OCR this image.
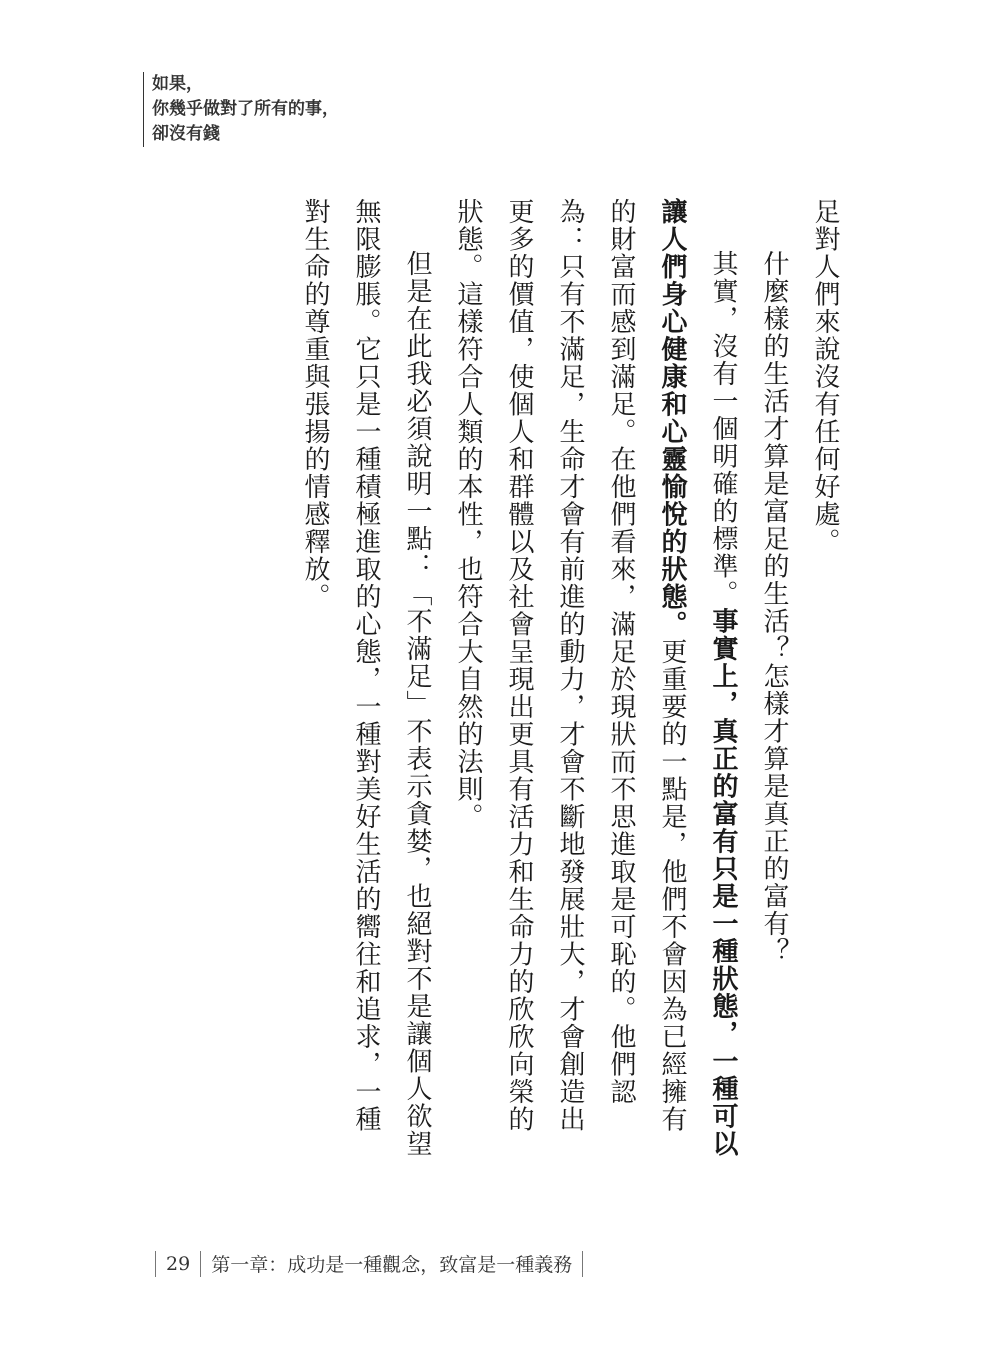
如果，
你幾乎做對了所有的事，
卻沒有錢

足對人們來說沒有任何好處。

什麼樣的生活才算是富足的生活？怎樣才算是真正的富有？

其實，沒有一個明確的標準。事實上，真正的富有只是一種狀態，一種可以讓人們身心健康和心靈愉悅的狀態。更重要的一點是，他們不會因為已經擁有的財富而感到滿足。在他們看來，滿足於現狀而不思進取是可恥的。他們認為：只有不滿足，生命才會有前進的動力，才會不斷地發展壯大，才會創造出更多的價值，使個人和群體以及社會呈現出更具有活力和生命力的欣欣向榮的狀態。這樣符合人類的本性，也符合大自然的法則。

但是在此我必須說明一點：「不滿足」不表示貪婪，也絕對不是讓個人欲望無限膨脹。它只是一種積極進取的心態，一種對美好生活的嚮往和追求，一種對生命的尊重與張揚的情感釋放。

29 第一章：成功是一種觀念，致富是一種義務
